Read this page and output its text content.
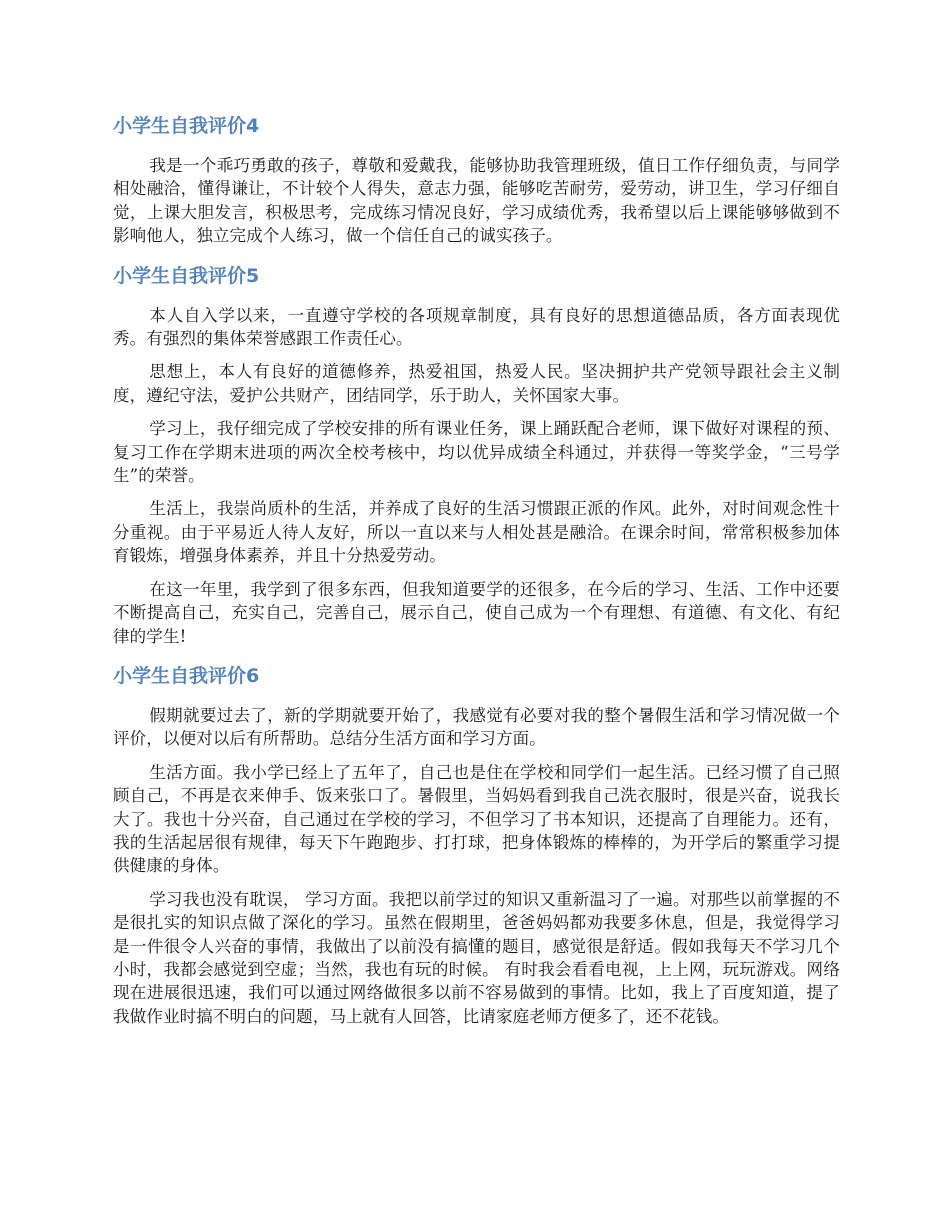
小学生自我评价4

我是一个乖巧勇敢的孩子，尊敬和爱戴我，能够协助我管理班级，值日工作仔细负责，与同学相处融洽，懂得谦让，不计较个人得失，意志力强，能够吃苦耐劳，爱劳动，讲卫生，学习仔细自觉，上课大胆发言，积极思考，完成练习情况良好，学习成绩优秀，我希望以后上课能够够做到不影响他人，独立完成个人练习，做一个信任自己的诚实孩子。

小学生自我评价5

本人自入学以来，一直遵守学校的各项规章制度，具有良好的思想道德品质，各方面表现优秀。有强烈的集体荣誉感跟工作责任心。

思想上，本人有良好的道德修养，热爱祖国，热爱人民。坚决拥护共产党领导跟社会主义制度，遵纪守法，爱护公共财产，团结同学，乐于助人，关怀国家大事。

学习上，我仔细完成了学校安排的所有课业任务，课上踊跃配合老师，课下做好对课程的预、复习工作在学期末进项的两次全校考核中，均以优异成绩全科通过，并获得一等奖学金，“三号学生”的荣誉。

生活上，我崇尚质朴的生活，并养成了良好的生活习惯跟正派的作风。此外，对时间观念性十分重视。由于平易近人待人友好，所以一直以来与人相处甚是融洽。在课余时间，常常积极参加体育锻炼，增强身体素养，并且十分热爱劳动。

在这一年里，我学到了很多东西，但我知道要学的还很多，在今后的学习、生活、工作中还要不断提高自己，充实自己，完善自己，展示自己，使自己成为一个有理想、有道德、有文化、有纪律的学生!

小学生自我评价6

假期就要过去了，新的学期就要开始了，我感觉有必要对我的整个暑假生活和学习情况做一个评价，以便对以后有所帮助。总结分生活方面和学习方面。

生活方面。我小学已经上了五年了，自己也是住在学校和同学们一起生活。已经习惯了自己照顾自己，不再是衣来伸手、饭来张口了。暑假里，当妈妈看到我自己洗衣服时，很是兴奋，说我长大了。我也十分兴奋，自己通过在学校的学习，不但学习了书本知识，还提高了自理能力。还有，我的生活起居很有规律，每天下午跑跑步、打打球，把身体锻炼的棒棒的，为开学后的繁重学习提供健康的身体。

学习我也没有耽误， 学习方面。我把以前学过的知识又重新温习了一遍。对那些以前掌握的不是很扎实的知识点做了深化的学习。虽然在假期里，爸爸妈妈都劝我要多休息，但是，我觉得学习是一件很令人兴奋的事情，我做出了以前没有搞懂的题目，感觉很是舒适。假如我每天不学习几个小时，我都会感觉到空虚；当然，我也有玩的时候。 有时我会看看电视，上上网，玩玩游戏。网络现在进展很迅速，我们可以通过网络做很多以前不容易做到的事情。比如，我上了百度知道，提了我做作业时搞不明白的问题，马上就有人回答，比请家庭老师方便多了，还不花钱。
